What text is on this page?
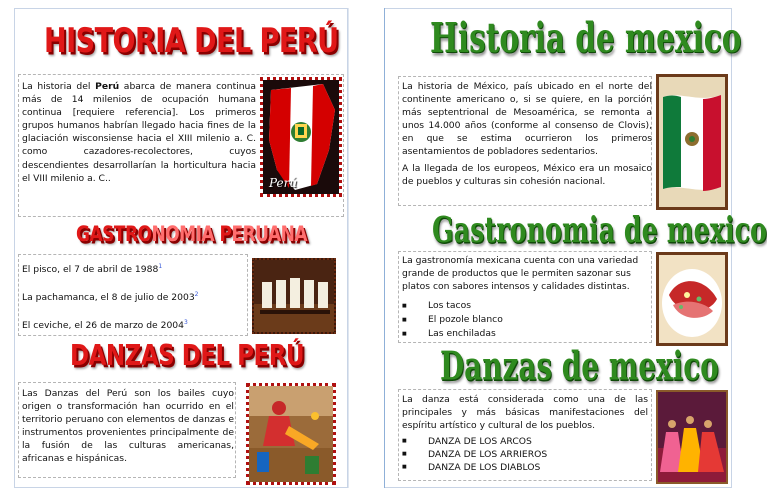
HISTORIA DEL PERÚ
La historia del Perú abarca de manera continua más de 14 milenios de ocupación humana continua [requiere referencia]. Los primeros grupos humanos habrían llegado hacia fines de la glaciación wisconsiense hacia el XIII milenio a. C. como cazadores-recolectores, cuyos descendientes desarrollarían la horticultura hacia el VIII milenio a. C..	Perú
GASTRONOMIA PERUANA
El pisco, el 7 de abril de 1988$^1$
La pachamanca, el 8 de julio de 2003$^2$
El ceviche, el 26 de marzo de 2004$^3$
DANZAS DEL PERÚ
Las Danzas del Perú son los bailes cuyo origen o transformación han ocurrido en el territorio peruano con elementos de danzas e instrumentos provenientes principalmente de la fusión de las culturas americanas, africanas e hispánicas.
Historia de mexico
La historia de México, país ubicado en el norte del continente americano o, si se quiere, en la porción más septentrional de Mesoamérica, se remonta a unos 14.000 años (conforme al consenso de Clovis), en que se estima ocurrieron los primeros asentamientos de pobladores sedentarios.
A la llegada de los europeos, México era un mosaico de pueblos y culturas sin cohesión nacional.
Gastronomia de mexico
La gastronomía mexicana cuenta con una variedad grande de productos que le permiten sazonar sus platos con sabores intensos y calidades distintas.
■ Los tacos
■ El pozole blanco
■ Las enchiladas
Danzas de mexico
La danza está considerada como una de las principales y más básicas manifestaciones del espíritu artístico y cultural de los pueblos.
■ DANZA DE LOS ARCOS
■ DANZA DE LOS ARRIEROS
■ DANZA DE LOS DIABLOS
